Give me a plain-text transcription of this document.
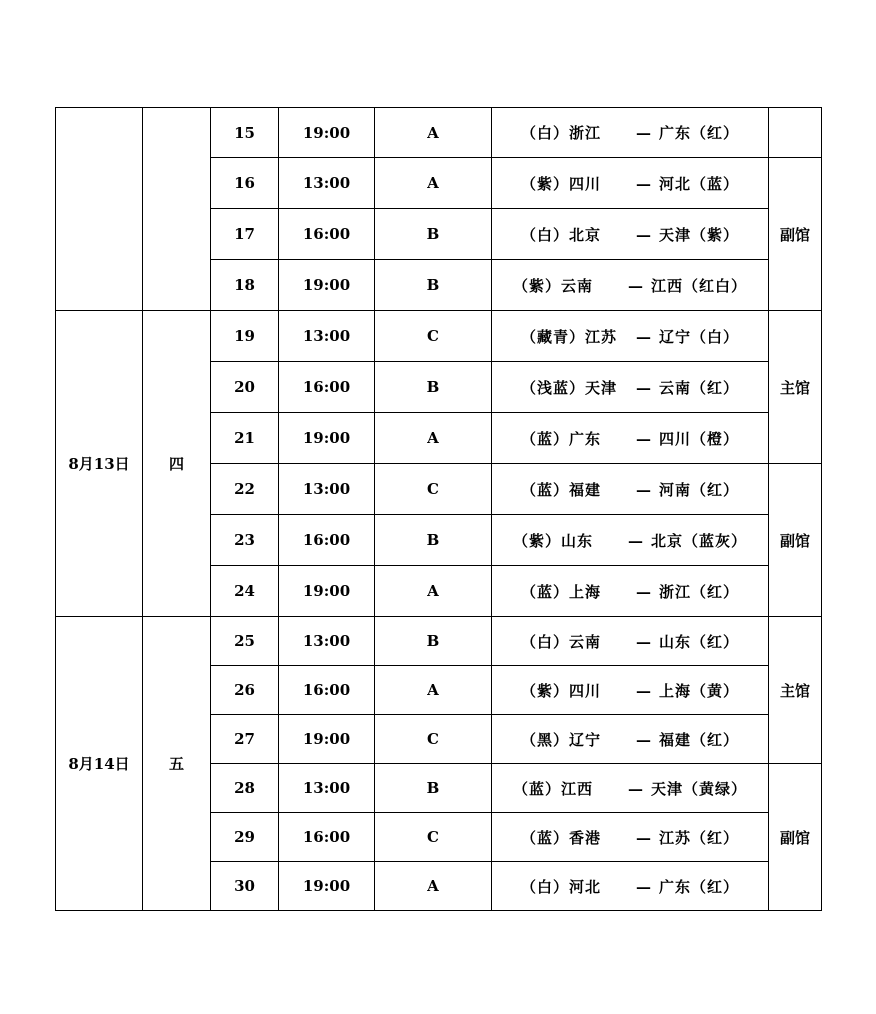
		15	19:00	A	（白）浙江 — 广东（红）	
		16	13:00	A	（紫）四川 — 河北（蓝）	副馆
		17	16:00	B	（白）北京 — 天津（紫）	
		18	19:00	B	（紫）云南 — 江西（红白）	
8月13日	四	19	13:00	C	（藏青）江苏 — 辽宁（白）	主馆
		20	16:00	B	（浅蓝）天津 — 云南（红）	
		21	19:00	A	（蓝）广东 — 四川（橙）	
		22	13:00	C	（蓝）福建 — 河南（红）	副馆
		23	16:00	B	（紫）山东 — 北京（蓝灰）	
		24	19:00	A	（蓝）上海 — 浙江（红）	
8月14日	五	25	13:00	B	（白）云南 — 山东（红）	主馆
		26	16:00	A	（紫）四川 — 上海（黄）	
		27	19:00	C	（黑）辽宁 — 福建（红）	
		28	13:00	B	（蓝）江西 — 天津（黄绿）	副馆
		29	16:00	C	（蓝）香港 — 江苏（红）	
		30	19:00	A	（白）河北 — 广东（红）	
